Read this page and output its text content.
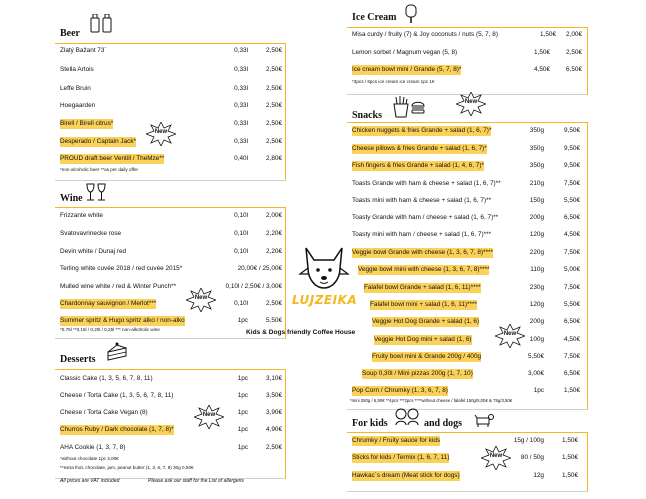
Beer
Zlatý Bažant 73´	0,33l	2,50€
Stella Artois	0,33l	2,50€
Leffe Bruin	0,33l	2,50€
Hoegaarden	0,33l	2,50€
Birell / Birell citrus*	0,33l	2,50€
Desperado / Captain Jack*	0,33l	2,50€
PROUD draft beer Ventill / TheMze**	0,40l	2,80€
*non-alcoholic beer **as per daily offer
New
Wine
Frizzante white	0,10l	2,00€
Svatovavrinecke rose	0,10l	2,20€
Devin white / Dunaj red	0,10l	2,20€
Terling white cuvée 2018 / red cuvée 2015*	20,00€ / 25,00€
Mulled wine white / red & Winter Punch**	0,10l / 2,50€ / 3,00€
Chardonnay sauvignon / Merlot***	0,10l	2,50€
Summer spritz & Hugo spritz alko / non-alko	1pc	5,50€
*0,75l **0,15l / 0,20l / 0,25l *** non-alkoholic wine
New
Desserts
Classic Cake (1, 3, 5, 6, 7, 8, 11)	1pc	3,10€
Cheese / Torta Cake (1, 3, 5, 6, 7, 8, 11)	1pc	3,50€
Cheese / Torta Cake Vegan (8)	1pc	3,90€
Churros Ruby / Dark chocolate (1, 7, 8)*	1pc	4,90€
AHA Cookie (1, 3, 7, 8)	1pc	2,50€
*without chocolate 1pc 3,00€
**extra fruit, chocolate, jam, peanut butter (1, 3, 6, 7, 8) 30g 0,50€
New
All prices are VAT included	Please ask our staff for the List of allergens
LUJZEIKA
Kids & Dogs friendly Coffee House
Ice Cream
Misa curdy / fruity (7) & Joy coconuts / nuts (5, 7, 8)	1,50€	2,00€
Lemon sorbet / Magnum vegan (5, 8)	1,50€	2,50€
Ice cream bowl mini / Grande (5, 7, 8)*	4,50€	6,50€
*3pcs / 6pcs ice cream ice cream 1pc 1€
Snacks
New
Chicken nuggets & fries Grande + salad (1, 6, 7)*	350g	9,50€
Cheese pillows & fries Grande + salad (1, 6, 7)*	350g	9,50€
Fish fingers & fries Grande + salad (1, 4, 6, 7)*	350g	9,50€
Toasts Grande with ham & cheese + salad (1, 6, 7)**	210g	7,50€
Toasts mini with ham & cheese + salad (1, 6, 7)**	150g	5,50€
Toasty Grande with ham / cheese + salad (1, 6, 7)**	200g	6,50€
Toasty mini with ham / cheese + salad (1, 6, 7)***	120g	4,50€
Veggie bowl Grande with cheese (1, 3, 6, 7, 8)****	220g	7,50€
Veggie bowl mini with cheese (1, 3, 6, 7, 8)****	110g	5,00€
Falafel bowl Grande + salad (1, 6, 11)****	230g	7,50€
Falafel bowl mini + salad (1, 6, 11)****	120g	5,50€
Veggie Hot Dog Grande + salad (1, 6)	200g	6,50€
Veggie Hot Dog mini + salad (1, 6)	100g	4,50€
Fruity bowl mini & Grande 200g / 400g	5,50€	7,50€
Soup 0,30l / Mini pizzas 200g (1, 7, 10)	3,00€	6,50€
Pop Corn / Chrumky (1, 3, 6, 7, 8)	1pc	1,50€
*mini 250g / 6,50€ **4pcs ***2pcs ****without cheese / falafel 150g/5,00€ & 75g/3,50€
New
For kids	and dogs
Chrumky / Fruity sauce for kids	15g / 100g	1,50€
Sticks for kids / Termix (1, 6, 7, 11)	80 / 50g	1,50€
Hawkac´s dream (Meat stick for dogs)	12g	1,50€
New
